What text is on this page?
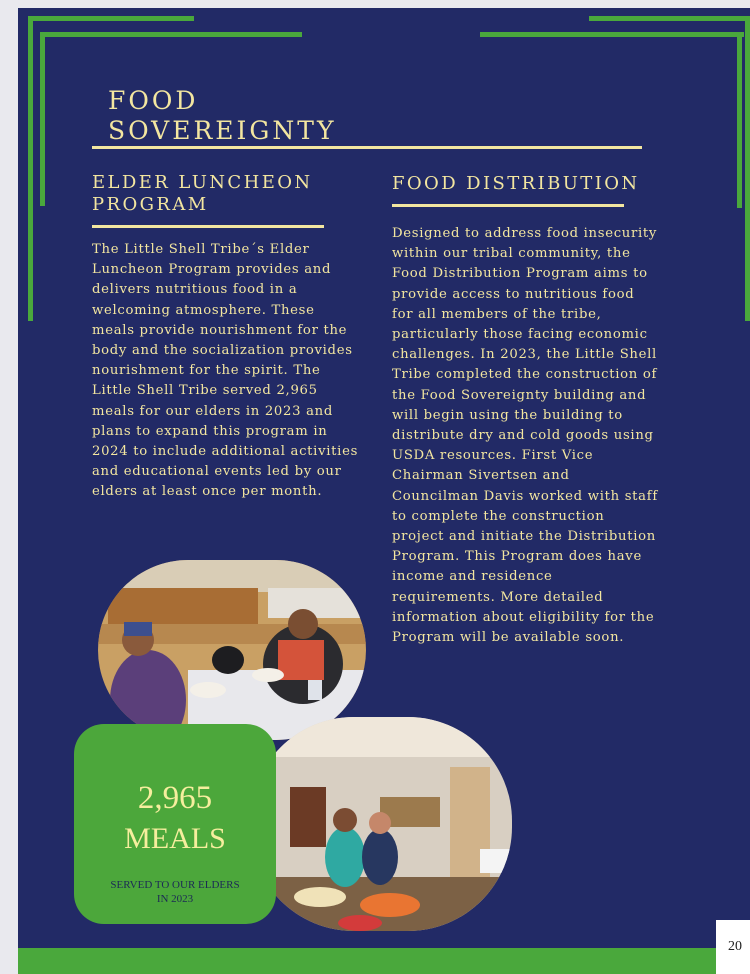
FOOD
SOVEREIGNTY
ELDER LUNCHEON
PROGRAM

The Little Shell Tribe´s Elder Luncheon Program provides and delivers nutritious food in a welcoming atmosphere. These meals provide nourishment for the body and the socialization provides nourishment for the spirit. The Little Shell Tribe served 2,965 meals for our elders in 2023 and plans to expand this program in 2024 to include additional activities and educational events led by our elders at least once per month.

FOOD DISTRIBUTION

Designed to address food insecurity within our tribal community, the Food Distribution Program aims to provide access to nutritious food for all members of the tribe, particularly those facing economic challenges. In 2023, the Little Shell Tribe completed the construction of the Food Sovereignty building and will begin using the building to distribute dry and cold goods using USDA resources. First Vice Chairman Sivertsen and Councilman Davis worked with staff to complete the construction project and initiate the Distribution Program. This Program does have income and residence requirements. More detailed information about eligibility for the Program will be available soon.

2,965
MEALS
SERVED TO OUR ELDERS IN 2023
20
